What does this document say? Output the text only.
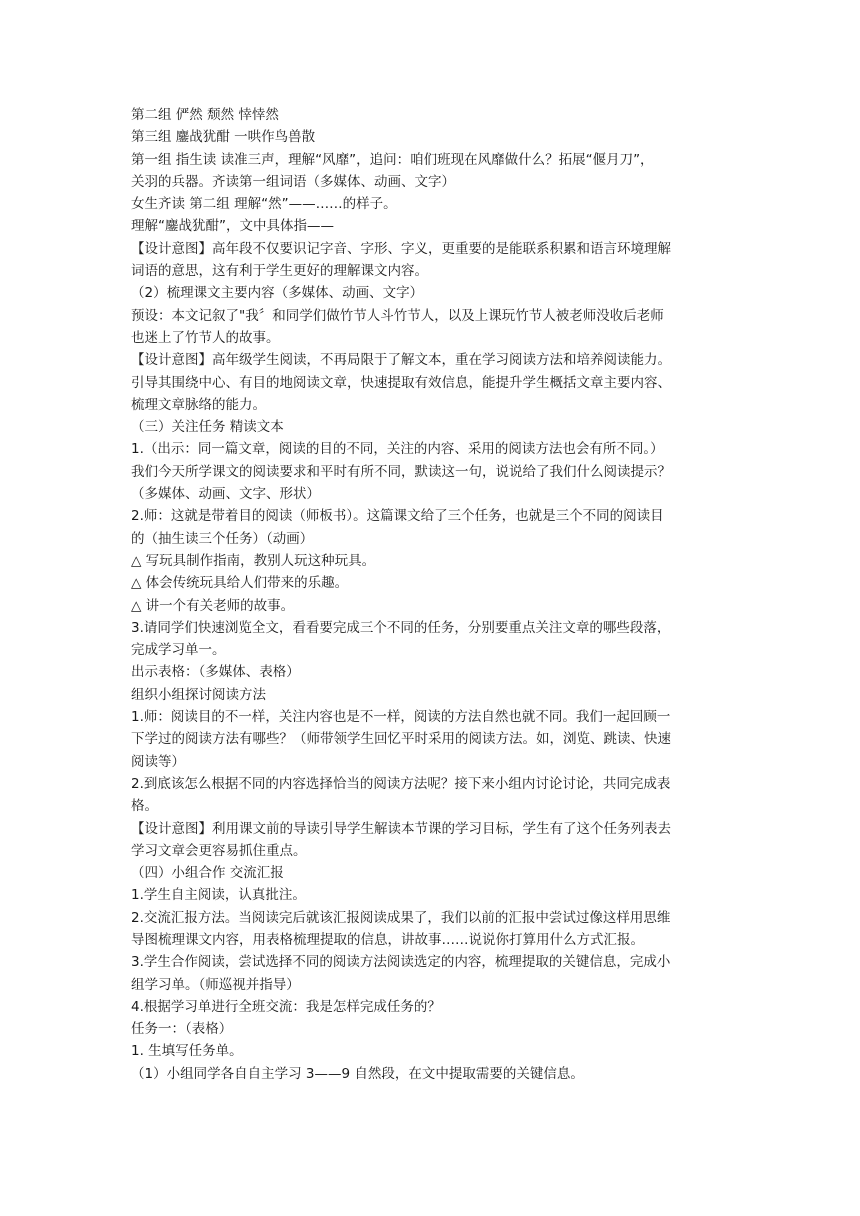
第二组 俨然 颓然 悻悻然
第三组 鏖战犹酣 一哄作鸟兽散
第一组 指生读 读准三声，理解“风靡”，追问：咱们班现在风靡做什么？拓展“偃月刀”，
关羽的兵器。齐读第一组词语（多媒体、动画、文字）
女生齐读 第二组 理解“然”——……的样子。
理解“鏖战犹酣”，文中具体指——
【设计意图】高年段不仅要识记字音、字形、字义，更重要的是能联系积累和语言环境理解
词语的意思，这有利于学生更好的理解课文内容。
（2）梳理课文主要内容（多媒体、动画、文字）
预设：本文记叙了"我〞和同学们做竹节人斗竹节人，以及上课玩竹节人被老师没收后老师
也迷上了竹节人的故事。
【设计意图】高年级学生阅读，不再局限于了解文本，重在学习阅读方法和培养阅读能力。
引导其围绕中心、有目的地阅读文章，快速提取有效信息，能提升学生概括文章主要内容、
梳理文章脉络的能力。
（三）关注任务 精读文本
1.（出示：同一篇文章，阅读的目的不同，关注的内容、采用的阅读方法也会有所不同。）
我们今天所学课文的阅读要求和平时有所不同，默读这一句，说说给了我们什么阅读提示？
（多媒体、动画、文字、形状）
2.师：这就是带着目的阅读（师板书）。这篇课文给了三个任务，也就是三个不同的阅读目
的（抽生读三个任务）（动画）
△ 写玩具制作指南，教别人玩这种玩具。
△ 体会传统玩具给人们带来的乐趣。
△ 讲一个有关老师的故事。
3.请同学们快速浏览全文，看看要完成三个不同的任务，分别要重点关注文章的哪些段落，
完成学习单一。
出示表格：（多媒体、表格）
组织小组探讨阅读方法
1.师：阅读目的不一样，关注内容也是不一样，阅读的方法自然也就不同。我们一起回顾一
下学过的阅读方法有哪些？（师带领学生回忆平时采用的阅读方法。如，浏览、跳读、快速
阅读等）
2.到底该怎么根据不同的内容选择恰当的阅读方法呢？接下来小组内讨论讨论，共同完成表
格。
【设计意图】利用课文前的导读引导学生解读本节课的学习目标，学生有了这个任务列表去
学习文章会更容易抓住重点。
（四）小组合作 交流汇报
1.学生自主阅读，认真批注。
2.交流汇报方法。当阅读完后就该汇报阅读成果了，我们以前的汇报中尝试过像这样用思维
导图梳理课文内容，用表格梳理提取的信息，讲故事……说说你打算用什么方式汇报。
3.学生合作阅读，尝试选择不同的阅读方法阅读选定的内容，梳理提取的关键信息，完成小
组学习单。（师巡视并指导）
4.根据学习单进行全班交流：我是怎样完成任务的？
任务一：（表格）
1. 生填写任务单。
（1）小组同学各自自主学习 3——9 自然段，在文中提取需要的关键信息。
